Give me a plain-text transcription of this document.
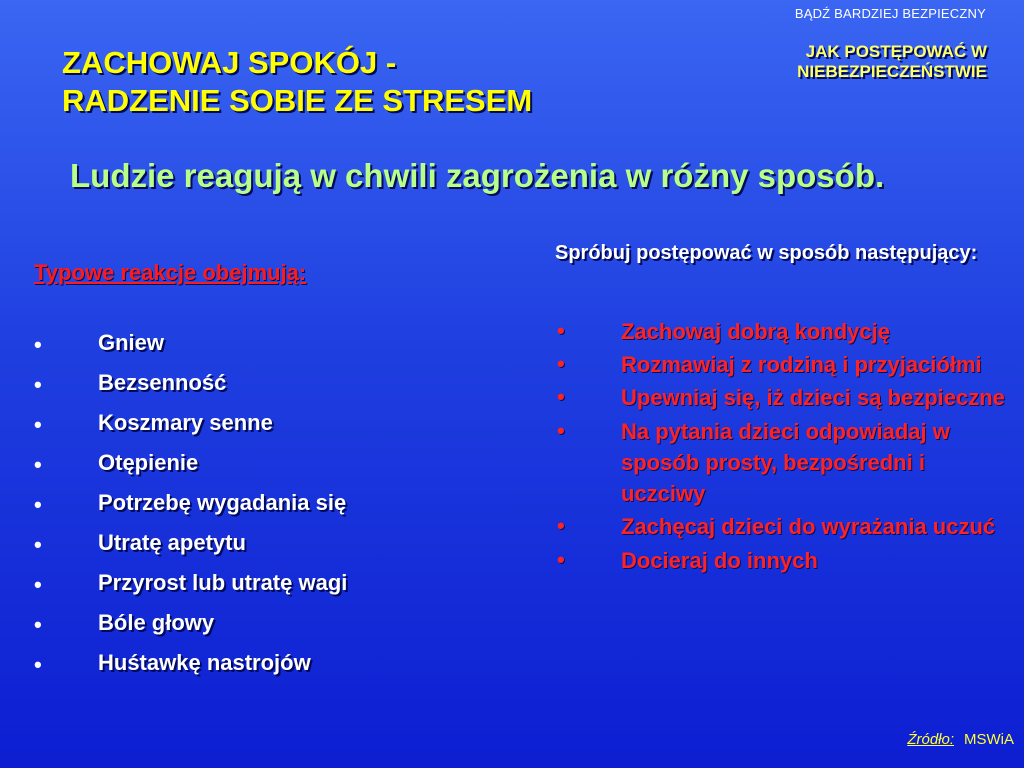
BĄDŹ BARDZIEJ BEZPIECZNY
JAK POSTĘPOWAĆ W NIEBEZPIECZEŃSTWIE
ZACHOWAJ SPOKÓJ -
RADZENIE SOBIE ZE STRESEM
Ludzie reagują w chwili zagrożenia w różny sposób.
Typowe reakcje obejmują:
•	Gniew
•	Bezsenność
•	Koszmary senne
•	Otępienie
•	Potrzebę wygadania się
•	Utratę apetytu
•	Przyrost lub utratę wagi
•	Bóle głowy
•	Huśtawkę nastrojów
Spróbuj postępować w sposób następujący:
•	Zachowaj dobrą kondycję
•	Rozmawiaj z rodziną i przyjaciółmi
•	Upewniaj się, iż dzieci są bezpieczne
•	Na pytania dzieci odpowiadaj w sposób prosty, bezpośredni i uczciwy
•	Zachęcaj dzieci do wyrażania uczuć
•	Docieraj do innych
Źródło: MSWiA
